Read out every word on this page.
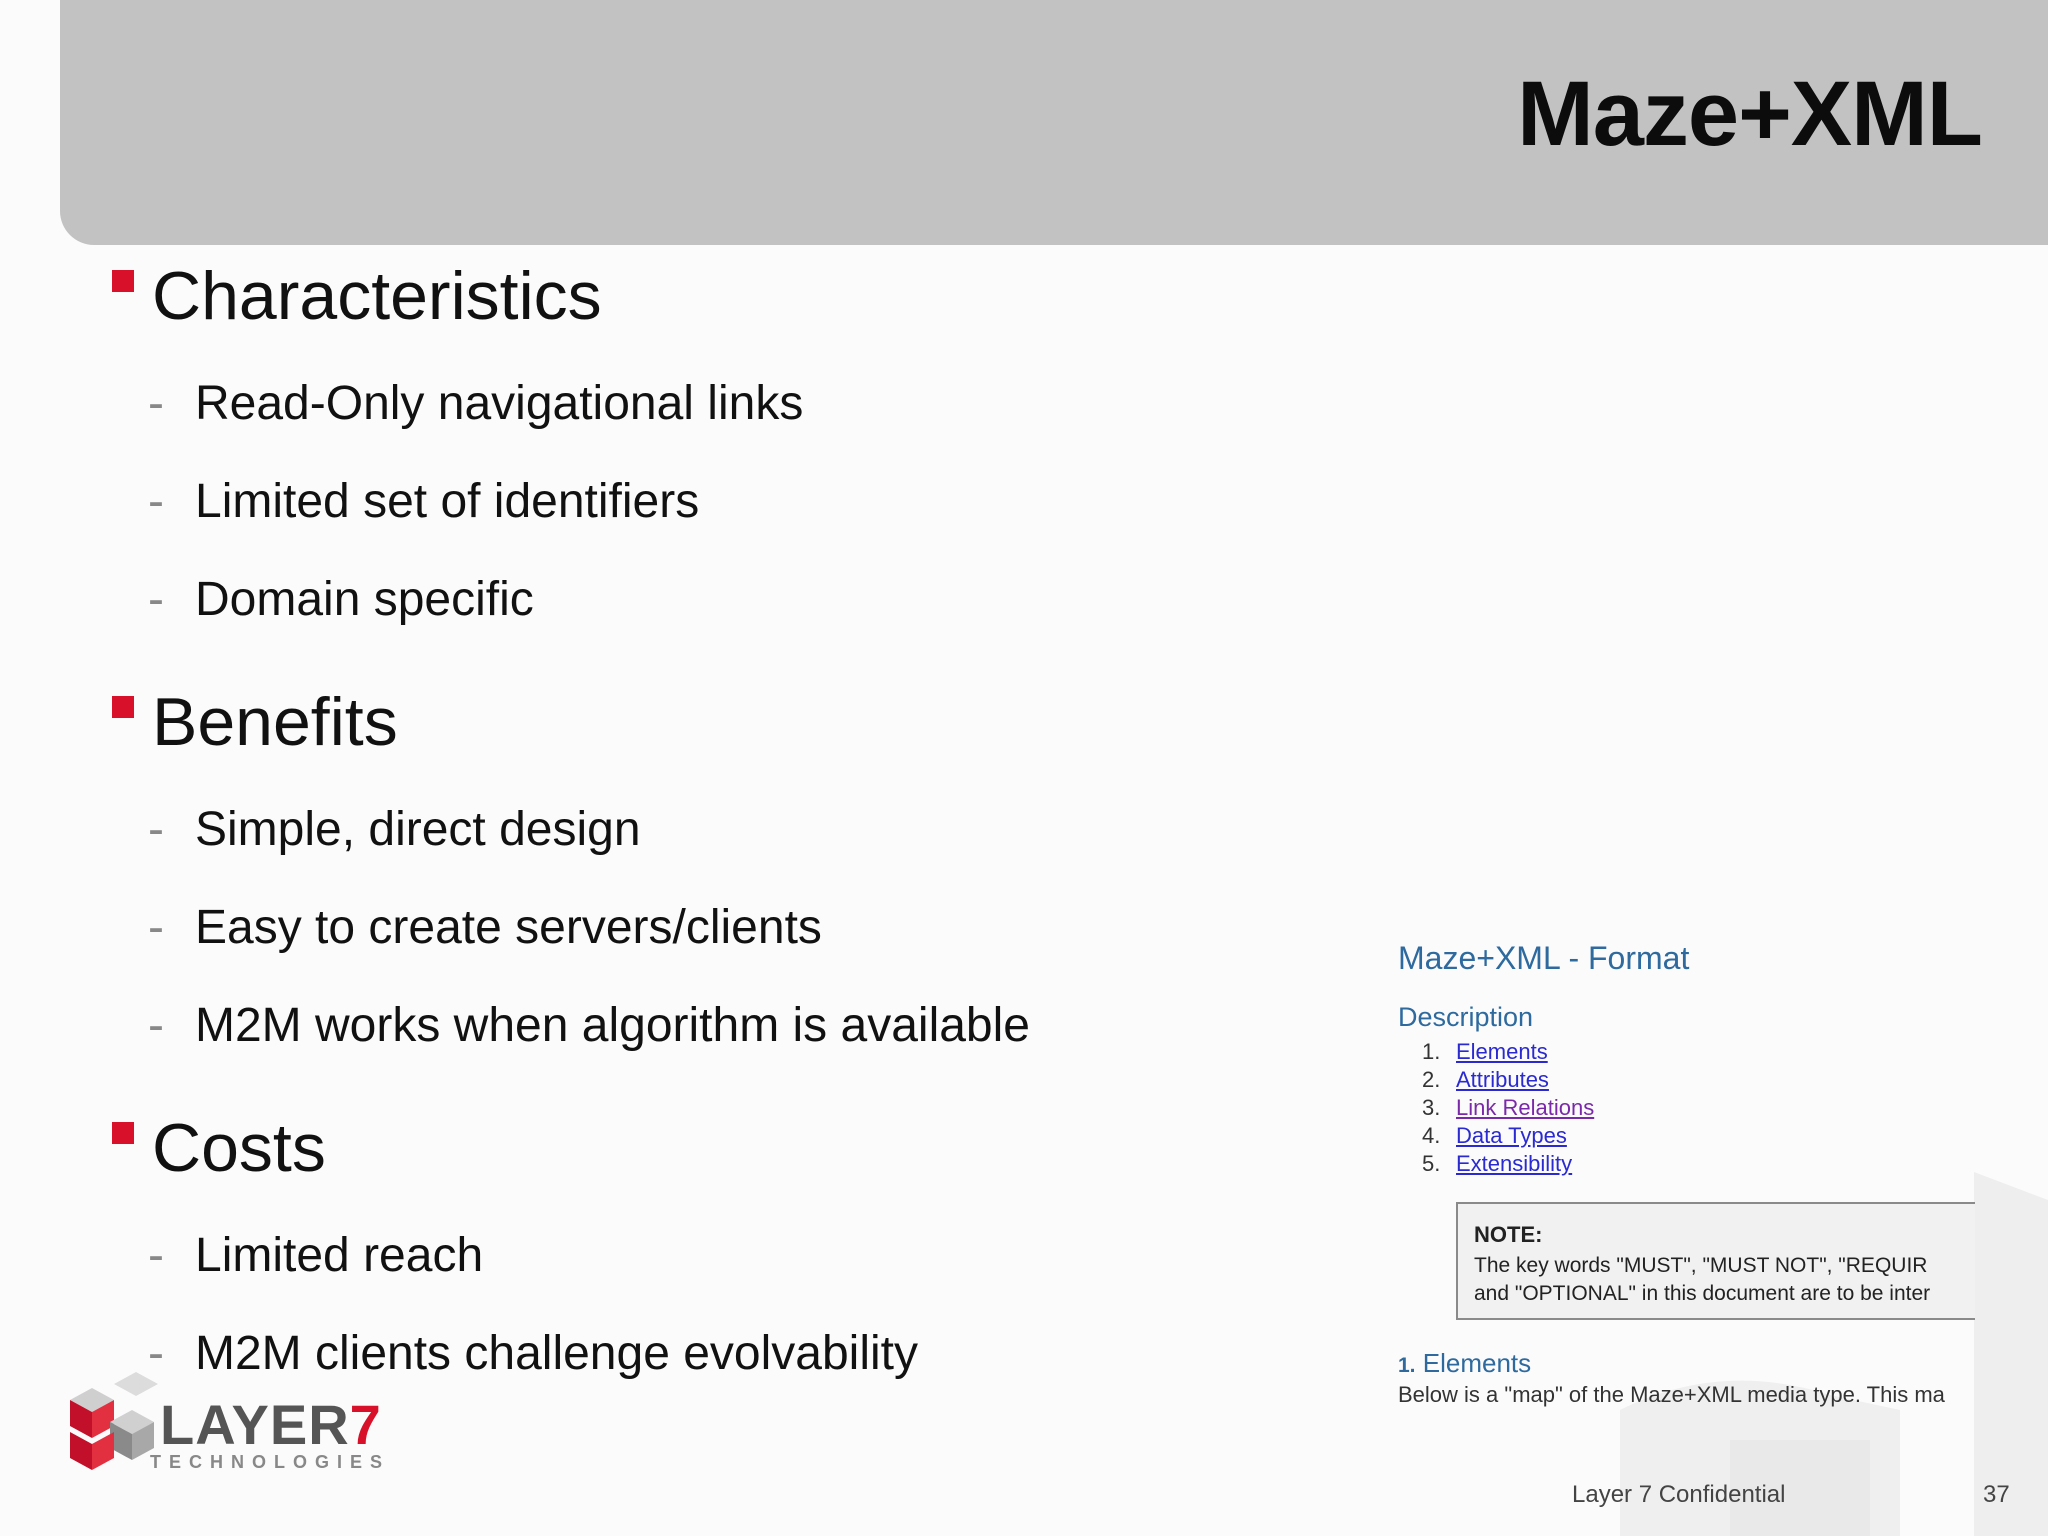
Maze+XML
Characteristics
- Read-Only navigational links
- Limited set of identifiers
- Domain specific
Benefits
- Simple, direct design
- Easy to create servers/clients
- M2M works when algorithm is available
Costs
- Limited reach
- M2M clients challenge evolvability
Maze+XML - Format
Description
1. Elements
2. Attributes
3. Link Relations
4. Data Types
5. Extensibility
NOTE:
The key words "MUST", "MUST NOT", "REQUIR
and "OPTIONAL" in this document are to be inter
1. Elements
Below is a "map" of the Maze+XML media type. This ma
LAYER7
TECHNOLOGIES
Layer 7 Confidential	37
